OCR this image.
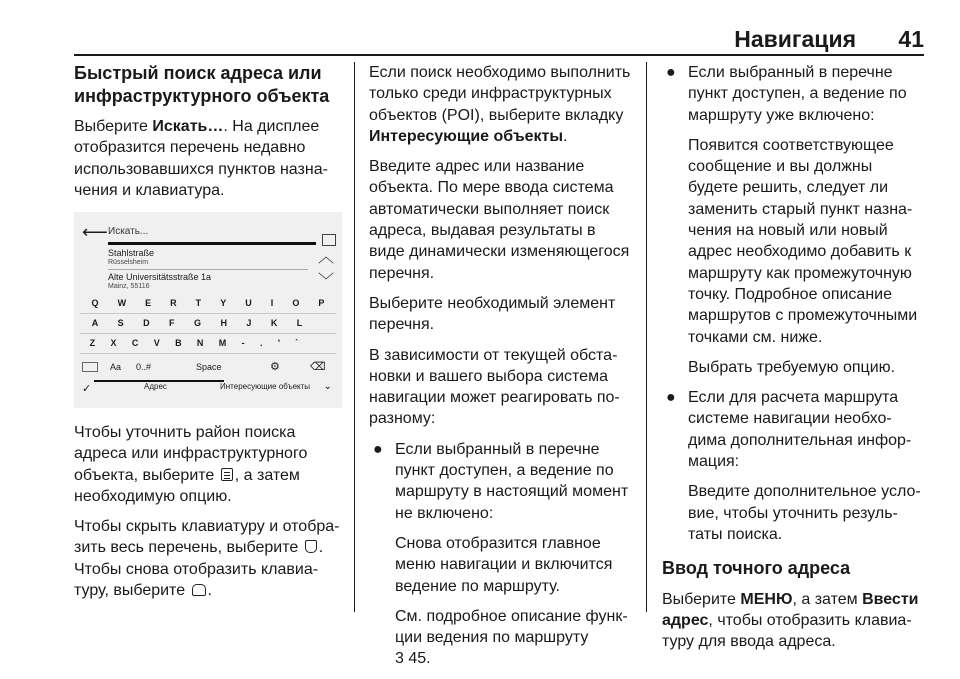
Навигация 41
Быстрый поиск адреса или инфраструктурного объекта

Выберите Искать…. На дисплее отобразится перечень недавно использовавшихся пунктов назна-чения и клавиатура.

⟵ Искать...
Stahlstraße
Rüsselsheim	︿
Alte Universitätsstraße 1a
Mainz, 55116	﹀
Q W E R T Y U I O P
A S D F G H J K L
Z X C V B N M - . ' `
Aa 0..#	Space	⚙	⌫
✓	Адрес	Интересующие объекты ⌄

Чтобы уточнить район поиска адреса или инфраструктурного объекта, выберите , а затем необходимую опцию.

Чтобы скрыть клавиатуру и отобра-зить весь перечень, выберите . Чтобы снова отобразить клавиа-туру, выберите .

Если поиск необходимо выполнить только среди инфраструктурных объектов (POI), выберите вкладку Интересующие объекты.

Введите адрес или название объекта. По мере ввода система автоматически выполняет поиск адреса, выдавая результаты в виде динамически изменяющегося перечня.

Выберите необходимый элемент перечня.

В зависимости от текущей обста-новки и вашего выбора система навигации может реагировать по-разному:

● Если выбранный в перечне пункт доступен, а ведение по маршруту в настоящий момент не включено:
Снова отобразится главное меню навигации и включится ведение по маршруту.
См. подробное описание функ-ции ведения по маршруту
3 45.
● Если выбранный в перечне пункт доступен, а ведение по маршруту уже включено:
Появится соответствующее сообщение и вы должны будете решить, следует ли заменить старый пункт назна-чения на новый или новый адрес необходимо добавить к маршруту как промежуточную точку. Подробное описание маршрутов с промежуточными точками см. ниже.
Выбрать требуемую опцию.
● Если для расчета маршрута системе навигации необхо-дима дополнительная инфор-мация:
Введите дополнительное усло-вие, чтобы уточнить резуль-таты поиска.
Ввод точного адреса

Выберите МЕНЮ, а затем Ввести адрес, чтобы отобразить клавиа-туру для ввода адреса.
